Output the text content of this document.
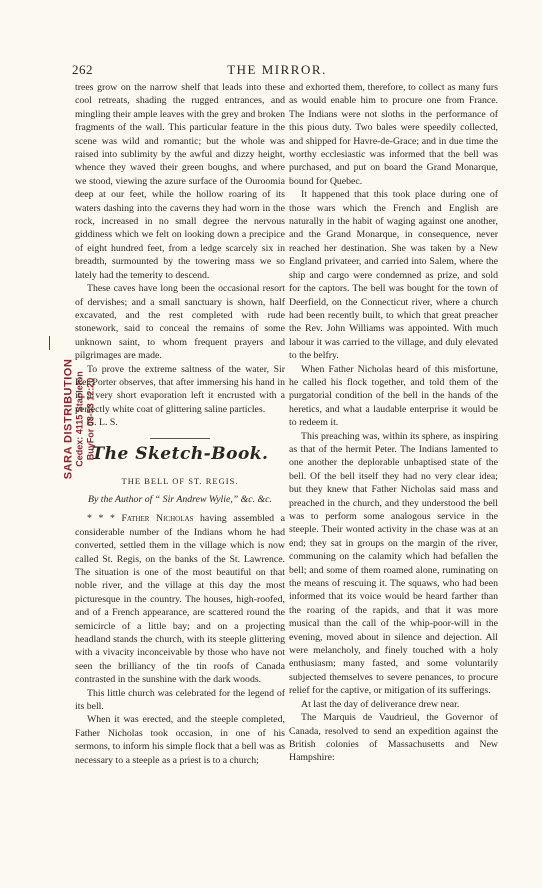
262	THE MIRROR.
SARA DISTRIBUTION Cedex: 4115 Stapleton BuyFor 08-53 12:20

trees grow on the narrow shelf that leads into these cool retreats, shading the rugged entrances, and mingling their ample leaves with the grey and broken fragments of the wall. This particular feature in the scene was wild and romantic; but the whole was raised into sublimity by the awful and dizzy height, whence they waved their green boughs, and where we stood, viewing the azure surface of the Ouroomia deep at our feet, while the hollow roaring of its waters dashing into the caverns they had worn in the rock, increased in no small degree the nervous giddiness which we felt on looking down a precipice of eight hundred feet, from a ledge scarcely six in breadth, surmounted by the towering mass we so lately had the temerity to descend.

These caves have long been the occasional resort of dervishes; and a small sanctuary is shown, half excavated, and the rest completed with rude stonework, said to conceal the remains of some unknown saint, to whom frequent prayers and pilgrimages are made.

To prove the extreme saltness of the water, Sir Ker Porter observes, that after immersing his hand in it, a very short evaporation left it encrusted with a perfectly white coat of glittering saline particles.

G. L. S.

The Sketch-Book.
THE BELL OF ST. REGIS.
By the Author of “ Sir Andrew Wylie,” &c. &c.

* * * Father Nicholas having assembled a considerable number of the Indians whom he had converted, settled them in the village which is now called St. Regis, on the banks of the St. Lawrence. The situation is one of the most beautiful on that noble river, and the village at this day the most picturesque in the country. The houses, high-roofed, and of a French appearance, are scattered round the semicircle of a little bay; and on a projecting headland stands the church, with its steeple glittering with a vivacity inconceivable by those who have not seen the brilliancy of the tin roofs of Canada contrasted in the sunshine with the dark woods.

This little church was celebrated for the legend of its bell.

When it was erected, and the steeple completed, Father Nicholas took occasion, in one of his sermons, to inform his simple flock that a bell was as necessary to a steeple as a priest is to a church;

and exhorted them, therefore, to collect as many furs as would enable him to procure one from France. The Indians were not sloths in the performance of this pious duty. Two bales were speedily collected, and shipped for Havre-de-Grace; and in due time the worthy ecclesiastic was informed that the bell was purchased, and put on board the Grand Monarque, bound for Quebec.

It happened that this took place during one of those wars which the French and English are naturally in the habit of waging against one another, and the Grand Monarque, in consequence, never reached her destination. She was taken by a New England privateer, and carried into Salem, where the ship and cargo were condemned as prize, and sold for the captors. The bell was bought for the town of Deerfield, on the Connecticut river, where a church had been recently built, to which that great preacher the Rev. John Williams was appointed. With much labour it was carried to the village, and duly elevated to the belfry.

When Father Nicholas heard of this misfortune, he called his flock together, and told them of the purgatorial condition of the bell in the hands of the heretics, and what a laudable enterprise it would be to redeem it.

This preaching was, within its sphere, as inspiring as that of the hermit Peter. The Indians lamented to one another the deplorable unbaptised state of the bell. Of the bell itself they had no very clear idea; but they knew that Father Nicholas said mass and preached in the church, and they understood the bell was to perform some analogous service in the steeple. Their wonted activity in the chase was at an end; they sat in groups on the margin of the river, communing on the calamity which had befallen the bell; and some of them roamed alone, ruminating on the means of rescuing it. The squaws, who had been informed that its voice would be heard farther than the roaring of the rapids, and that it was more musical than the call of the whip-poor-will in the evening, moved about in silence and dejection. All were melancholy, and finely touched with a holy enthusiasm; many fasted, and some voluntarily subjected themselves to severe penances, to procure relief for the captive, or mitigation of its sufferings.

At last the day of deliverance drew near.

The Marquis de Vaudrieul, the Governor of Canada, resolved to send an expedition against the British colonies of Massachusetts and New Hampshire:
